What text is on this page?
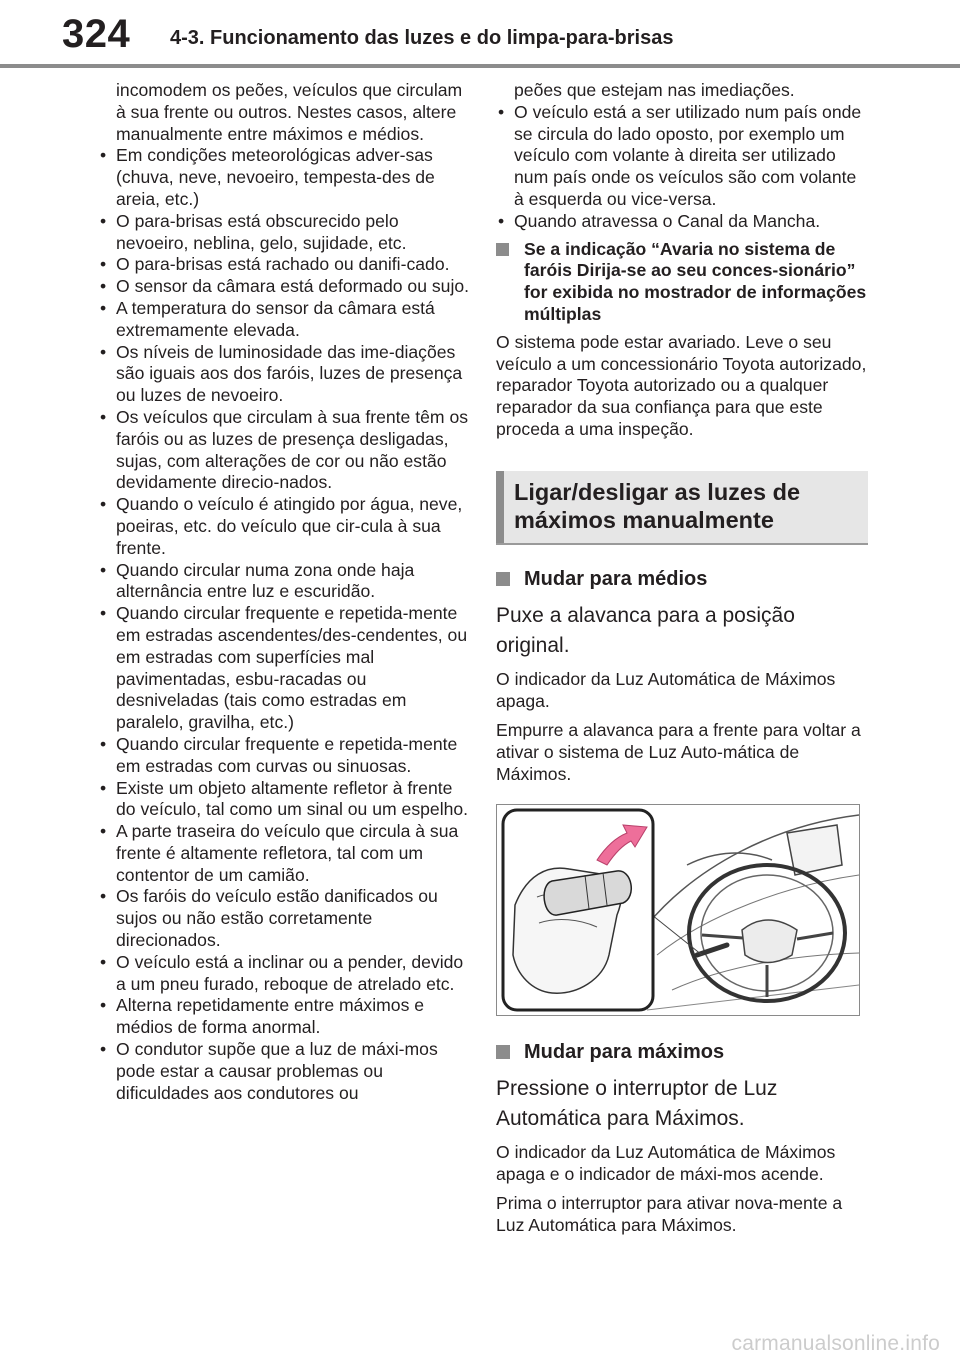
324 4-3. Funcionamento das luzes e do limpa-para-brisas

incomodem os peões, veículos que circulam à sua frente ou outros. Nestes casos, altere manualmente entre máximos e médios.

• Em condições meteorológicas adver-sas (chuva, neve, nevoeiro, tempesta-des de areia, etc.)
• O para-brisas está obscurecido pelo nevoeiro, neblina, gelo, sujidade, etc.
• O para-brisas está rachado ou danifi-cado.
• O sensor da câmara está deformado ou sujo.
• A temperatura do sensor da câmara está extremamente elevada.
• Os níveis de luminosidade das ime-diações são iguais aos dos faróis, luzes de presença ou luzes de nevoeiro.
• Os veículos que circulam à sua frente têm os faróis ou as luzes de presença desligadas, sujas, com alterações de cor ou não estão devidamente direcio-nados.
• Quando o veículo é atingido por água, neve, poeiras, etc. do veículo que cir-cula à sua frente.
• Quando circular numa zona onde haja alternância entre luz e escuridão.
• Quando circular frequente e repetida-mente em estradas ascendentes/des-cendentes, ou em estradas com superfícies mal pavimentadas, esbu-racadas ou desniveladas (tais como estradas em paralelo, gravilha, etc.)
• Quando circular frequente e repetida-mente em estradas com curvas ou sinuosas.
• Existe um objeto altamente refletor à frente do veículo, tal como um sinal ou um espelho.
• A parte traseira do veículo que circula à sua frente é altamente refletora, tal com um contentor de um camião.
• Os faróis do veículo estão danificados ou sujos ou não estão corretamente direcionados.
• O veículo está a inclinar ou a pender, devido a um pneu furado, reboque de atrelado etc.
• Alterna repetidamente entre máximos e médios de forma anormal.
• O condutor supõe que a luz de máxi-mos pode estar a causar problemas ou dificuldades aos condutores ou

peões que estejam nas imediações.

• O veículo está a ser utilizado num país onde se circula do lado oposto, por exemplo um veículo com volante à direita ser utilizado num país onde os veículos são com volante à esquerda ou vice-versa.
• Quando atravessa o Canal da Mancha.
Se a indicação “Avaria no sistema de faróis Dirija-se ao seu conces-sionário” for exibida no mostrador de informações múltiplas

O sistema pode estar avariado. Leve o seu veículo a um concessionário Toyota autorizado, reparador Toyota autorizado ou a qualquer reparador da sua confiança para que este proceda a uma inspeção.

Ligar/desligar as luzes de máximos manualmente
Mudar para médios

Puxe a alavanca para a posição original.

O indicador da Luz Automática de Máximos apaga.

Empurre a alavanca para a frente para voltar a ativar o sistema de Luz Auto-mática de Máximos.

Mudar para máximos

Pressione o interruptor de Luz Automática para Máximos.

O indicador da Luz Automática de Máximos apaga e o indicador de máxi-mos acende.

Prima o interruptor para ativar nova-mente a Luz Automática para Máximos.

carmanualsonline.info
